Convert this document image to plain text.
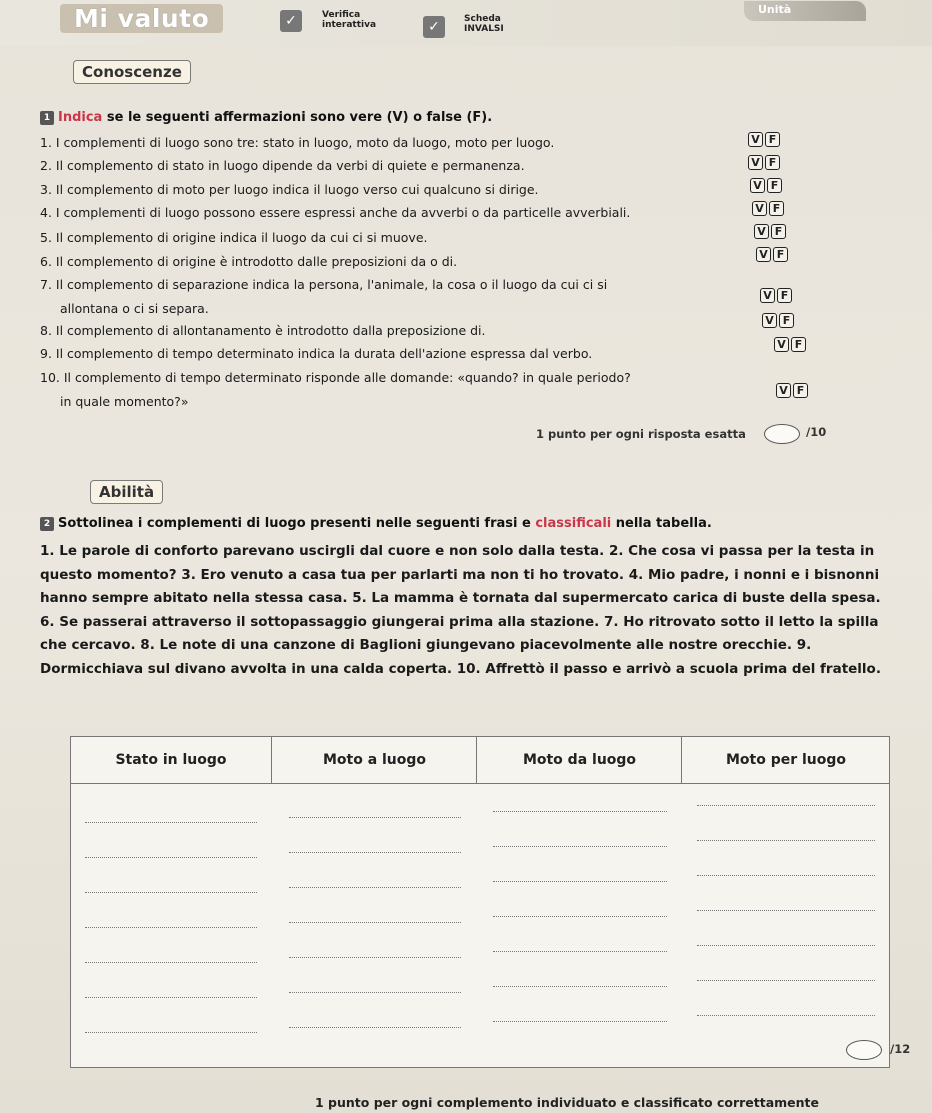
Mi valuto	✓	Verifica
interattiva	✓	Scheda
INVALSI
Unità
Conoscenze
1 Indica se le seguenti affermazioni sono vere (V) o false (F).
1. I complementi di luogo sono tre: stato in luogo, moto da luogo, moto per luogo.
2. Il complemento di stato in luogo dipende da verbi di quiete e permanenza.
3. Il complemento di moto per luogo indica il luogo verso cui qualcuno si dirige.
4. I complementi di luogo possono essere espressi anche da avverbi o da particelle avverbiali.
5. Il complemento di origine indica il luogo da cui ci si muove.
6. Il complemento di origine è introdotto dalle preposizioni da o di.
7. Il complemento di separazione indica la persona, l'animale, la cosa o il luogo da cui ci si
allontana o ci si separa.
8. Il complemento di allontanamento è introdotto dalla preposizione di.
9. Il complemento di tempo determinato indica la durata dell'azione espressa dal verbo.
10. Il complemento di tempo determinato risponde alle domande: «quando? in quale periodo?
in quale momento?»
V F
V F
V F
V F
V F
V F
V F
V F
V F
V F
1 punto per ogni risposta esatta	/10
Abilità
2 Sottolinea i complementi di luogo presenti nelle seguenti frasi e classificali nella tabella.
1. Le parole di conforto parevano uscirgli dal cuore e non solo dalla testa. 2. Che cosa vi passa per la testa in questo momento? 3. Ero venuto a casa tua per parlarti ma non ti ho trovato. 4. Mio padre, i nonni e i bisnonni hanno sempre abitato nella stessa casa. 5. La mamma è tornata dal supermercato carica di buste della spesa. 6. Se passerai attraverso il sottopassaggio giungerai prima alla stazione. 7. Ho ritrovato sotto il letto la spilla che cercavo. 8. Le note di una canzone di Baglioni giungevano piacevolmente alle nostre orecchie. 9. Dormicchiava sul divano avvolta in una calda coperta. 10. Affrettò il passo e arrivò a scuola prima del fratello.
Stato in luogo	Moto a luogo	Moto da luogo	Moto per luogo
/12
1 punto per ogni complemento individuato e classificato correttamente
